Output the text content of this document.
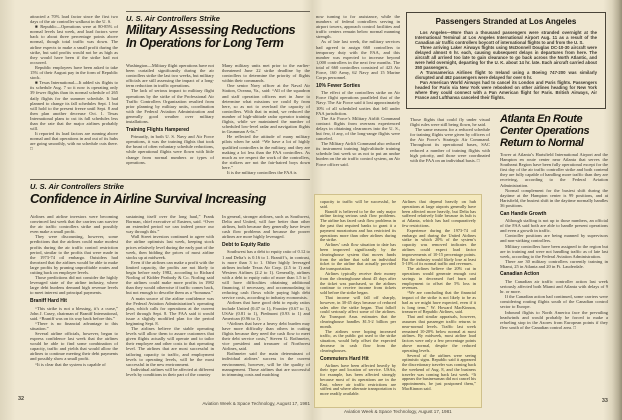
attracted a 70% load factor since the first two days of the air controller walkout in the U. S.

■ Republic—Operations were at 80-85% of normal levels last week, and load factors were back to about three percentage points above normal, though total traffic was down. The airline expects to make a small profit during the strike, but said profits would not be as high as they would have been if the strike had not occurred.

Republic employees have been asked to take 15% of their August pay in the form of Republic stock.

■ Texas International—It added six flights to its schedule Aug. 7 so it now is operating only 39 fewer flights than its normal schedule of 265 daily flights for the summer schedule. It had planned to change its fall schedules Sept. 1 but will hold to the present freeze until Sept. 8 and then plan another decrease Oct. 1. Texas International plans to cut its fall schedules less than the rate that the major airlines probably will.

It reported its load factors are running above normal and that operations in and out of its hubs are going smoothly, with no schedule cuts there. □

U. S. Air Controllers Strike
Military Assessing Reductions
In Operations for Long Term

Washington—Military flight operations have not been curtailed significantly during the air controllers strike the last two weeks, but military officials are still assessing the impact of a long-term reduction in traffic operations.

The lack of serious impact to military flight operations by the strike of the Professional Air Traffic Controllers Organization resulted from prior planning by military units, coordination with the Federal Aviation Administration and generally good weather over military installations.

Training Flights Hampered

Primarily, in both U. S. Navy and Air Force operations, it was the training flights that took the brunt of often voluntary schedule reductions, while operational flights were flown with little change from normal numbers or types of operations.

Many military units met prior to the earlier-threatened June 22 strike deadline by the controllers to determine the priority of flights within their commands.

One senior Navy officer at the Naval Air Station, Oceana, Va., said: “All of the squadron and staff operation officers met in June to determine what missions we could fly from here, so as not to overload the capacity of controllers. With that in mind, we reduced the number of high-altitude radar operator training flights, while we maintained the number of scheduled low-level radar and navigation flights in Grumman A-6s.”

He reflected the attitude of many military pilots when he said: “We have a lot of highly qualified controllers in the military, and they are making a lot less than the FAA controllers. As much as we respect the work of the controllers, the strikers are not the fair-haired boys down here.”

It is the military controllers the FAA is

U. S. Air Controllers Strike
Confidence in Airline Survival Increasing

Airlines and airline investors were becoming convinced last week that the carriers can survive the air traffic controllers strike and possibly even make a small profit.

They were discounting, however, some predictions that the airlines could make modest profits during the air traffic control restriction period, similar to the profits that were made in the 1973-74 oil embargo. Outsiders had theorized that the airlines would be able to make large profits by pruning unprofitable routes and cutting back on employee levels.

Those predictions did not consider the highly leveraged state of the airline industry, where large debt burdens demand high revenue levels to meet interest and principal payments.

Braniff Hard Hit

“This strike is not a blessing, it’s a curse,” John J. Casey, chairman of Braniff International, said. “Braniff was on its way back before this.”

“There is no financial advantage to this situation.”

Several airline officials, however, began to express confidence last week that the airlines would be able to find some combination of capacity, traffic and yields that would allow the airlines to continue meeting their debt payments and possibly show a small profit.

“It is clear that the system is capable of

sustaining itself over the long haul,” Frank Borman, chief executive of Eastern, said. “Over an extended period we can indeed peace our way through this.”

Wall Street investors continued to agree with the airline optimists last week, keeping stock prices relatively level during the early part of the week, then bidding the prices of most airline stocks up at midweek.

Even if the airlines can make a profit with the limited capacity, the profits are not likely to begin before early 1982, according to Richard Norling of Kidder Peabody & Co. Norling said the airlines could make more profits in 1982 than they would otherwise if traffic comes back, but not enough to describe them as a “bonanza.”

A main source of the airline confidence was the Federal Aviation Administration’s operating plan, which calls for operations at the current level through Sept. 8. The FAA said it would issue a slightly modified plan for the period beginning Sept. 8.

The airlines believe the stable operating levels will allow them to assure customers that given flights actually will operate and to tailor their employee and other costs to that operating level. The airlines that are most successful in tailoring capacity to traffic, and employment levels to operating levels, will be the most successful in the new environment.

Individual airlines will be affected at different levels by conditions in their part of the country

In general, stronger airlines, such as Southwest, Delta and United, will fare better than other airlines, both because they generally have fewer cash flow problems and because the poorer airlines are more highly leveraged.

Debt to Equity Ratio

Southwest has a debt to equity ratio of 0.12 to 1 and Delta’s is 0.16 to 1. Braniff’s, in contrast, is more than 3 to 1. Other highly leveraged airlines include Texas Air Corp. (2.5 to 1) and Western Airlines (2.2 to 1). Generally, airlines with a debt to equity ratio of more than 1.5 to 1 will have difficulties obtaining additional financing, if necessary, and accommodating to reducing cash flows while paying high debt service costs, according to industry economists.

Airlines that have good debt to equity ratios include United (0.47 to 1), Frontier (0.67 to 1), USAir (0.81 to 1), Piedmont (0.93 to 1) and American (0.96 to 1).

“Airlines that have a heavy debt burden may have more difficulty than others in cutting flights because they need the cash flow to meet their debt service costs,” Steven G. Rothmeier, vice president and treasurer of Northwest Airlines, said.

Rothmeier said the main determinant of individual airlines’ success in the current environment, however, will be the quality of management. Those airlines that are successful in trimming costs and matching

32
Aviation Week & Space Technology, August 17, 1981

now turning to for assistance, while the numbers of federal controllers serving in airport towers, approach control facilities and traffic centers remain below normal manning strength.

As of late last week, the military services had agreed to assign 660 controllers to temporary duty with the FAA, and this number was expected to increase beyond 1,000 controllers in the next few months. The total of 660 controllers consisted of 423 Air Force, 160 Army, 62 Navy and 15 Marine Corps personnel.

10% Fewer Sorties

The effect of the controllers strike on Air Force flight operations paralleled that of the Navy. The Air Force said it lost approximately 10% of all scheduled sorties that fell under FAA jurisdiction.

The Air Force’s Military Airlift Command contract flights from overseas experienced delays in obtaining clearances into the U. S., but few, if any, of the long-range flights were canceled.

The Military Airlift Command also reduced its instrument training high-altitude training schedule last week so as not to put an undue burden on the air traffic control system, an Air Force officer said.

Passengers Stranded at Los Angeles

Los Angeles—More than a thousand passengers were stranded overnight at the International Terminal at Los Angeles International Airport Aug. 11 as a result of the Canadian air traffic controllers boycott of international flights to and from the U. S.

Three arriving Laker Airways flights using McDonnell Douglas DC-10-30 aircraft were delayed almost 6 hr. each, causing subsequent delays in departures from here. The aircraft all arrived too late to gain clearance to go back across the North Atlantic, and were held overnight, departing for the U. K. about 14 hr. late. Each aircraft carried about 350 passengers.

A Transamerica Airlines flight to Ireland using a Boeing 747-200 was similarly disrupted and 462 passengers were delayed for over 6 hr.

Pan American World Airways had to cancel its London and Paris flights. Passengers headed for Paris via New York were rebooked on other airlines heading for New York where they could connect with a Pan American flight for Paris. British Airways, Air France and Lufthansa canceled their flights.

Those flights that could fly under visual flight rules were still being flown, he said.

The same reasons for a reduced schedule for training flights were given by officers of the Air Force’s Strategic Air Command. Throughout its operational bases, SAC reduced a number of training flights with high priority, and those were coordinated with the FAA on an individual basis. □

Atlanta En Route Center Operations Return to Normal

Tower at Atlanta’s Hartsfield International Airport and the Hampton en route center near Atlanta that serves the Southeast Region have been fully operational except for the first day of the air traffic controller strike and both contend they are fully capable of handling more traffic than they are receiving, according to the Federal Aviation Administration.

Normal complement for the busiest shift during the daytime at the Hampton center is 99 positions, and at Hartsfield, the busiest shift in the daytime normally handles 36 positions.

Can Handle Growth

Although staffing is not up to those numbers, an official of the FAA said both are able to handle present operations and even a growth in traffic.

Controller positions are being manned by supervisors and non-striking controllers.

Military controllers have been assigned to the region but are in training and were not handling traffic as of late last week, according to the Federal Aviation Administration.

There are 30 military controllers currently training in Miami, 25 in Atlanta and 20 in Ft. Lauderdale.

Canadian Action

The Canadian air traffic controller action last week seriously affected both Miami and Atlanta with delays of 9 hr. or more.

If the Canadian action had continued, some carriers were considering routing flights south of the Canadian control sector to Europe.

Inbound flights to North America face the prevailing headwinds and would probably be forced to make a refueling stop in the Azores from European points if they flew south of the Canadian control area. □

capacity to traffic will be successful, he said.

Braniff is believed to be the only major airline facing serious cash flow problems. The airline has faced cash flow problems in the past that required banks to grant it a payment moratorium and has restricted its operations more than other airlines during the strike.

Airlines’ cash flow situation to date has been improved significantly by the clearinghouse system that moves funds from the airline that sold an individual ticket to the airline that actually provided the transportation.

Airlines typically receive their money from the clearinghouse about 45 days after the ticket was purchased, so the airlines continue to receive income from tickets sold before the strike began.

That income will fall off sharply, however, in 30-45 days because of reduced sales after the strike began. That falloff could seriously affect some of the airlines. Air Transport Assn. estimates that the clearinghouse handles $1.5-2 billion per month.

The airlines were hoping increased traffic, as the public got used to the strike situation, would help offset the expected decrease in cash flow from the clearinghouses.

Commuters Hard Hit

Airlines have been affected heavily by their type and location of service. USAir, for example, has been affected strongly because most of its operations are in the East, where air traffic restrictions are stiffest and where alternate transportation is more readily available.

Airlines that depend heavily on hub operations at large airports generally have been affected more heavily, but Delta has suffered relatively little because its hub is at Atlanta, which has had comparatively few restrictions.

Experience during the 1973-74 oil embargo and during the United Airlines strike in which 20% of the system’s capacity was removed indicates the airlines could expect load factor improvements of 10-15 percentage points. But the industry would likely lose at least 5-10% of its normal traffic and revenues.

The airlines believe the 20% cut in operations would generate enough cost savings in decreased fuel burn and employment to offset the 5% loss in revenues.

“We are concluding that the financial impact of the strike is not likely to be as bad as we might have expected, even if it is long term,” W. Howard MacKinnon, treasurer of Republic Airlines, said.

That and similar appraisals, however, assumes that passenger traffic returns to near-normal levels. Traffic last week remained 10-20% below normal at most airlines. By midweek, most airline load factors were only a few percentage points above normal, despite the reduced operating levels.

Several of the airlines were seeing optimistic signs. Republic said it appeared the discretionary traveler was coming back the weekend of Aug. 8, and the business traveler was coming back last week. “It appears the businessman did not cancel his appointments, he just postponed them,” MacKinnon said.

Aviation Week & Space Technology, August 17, 1981
33
